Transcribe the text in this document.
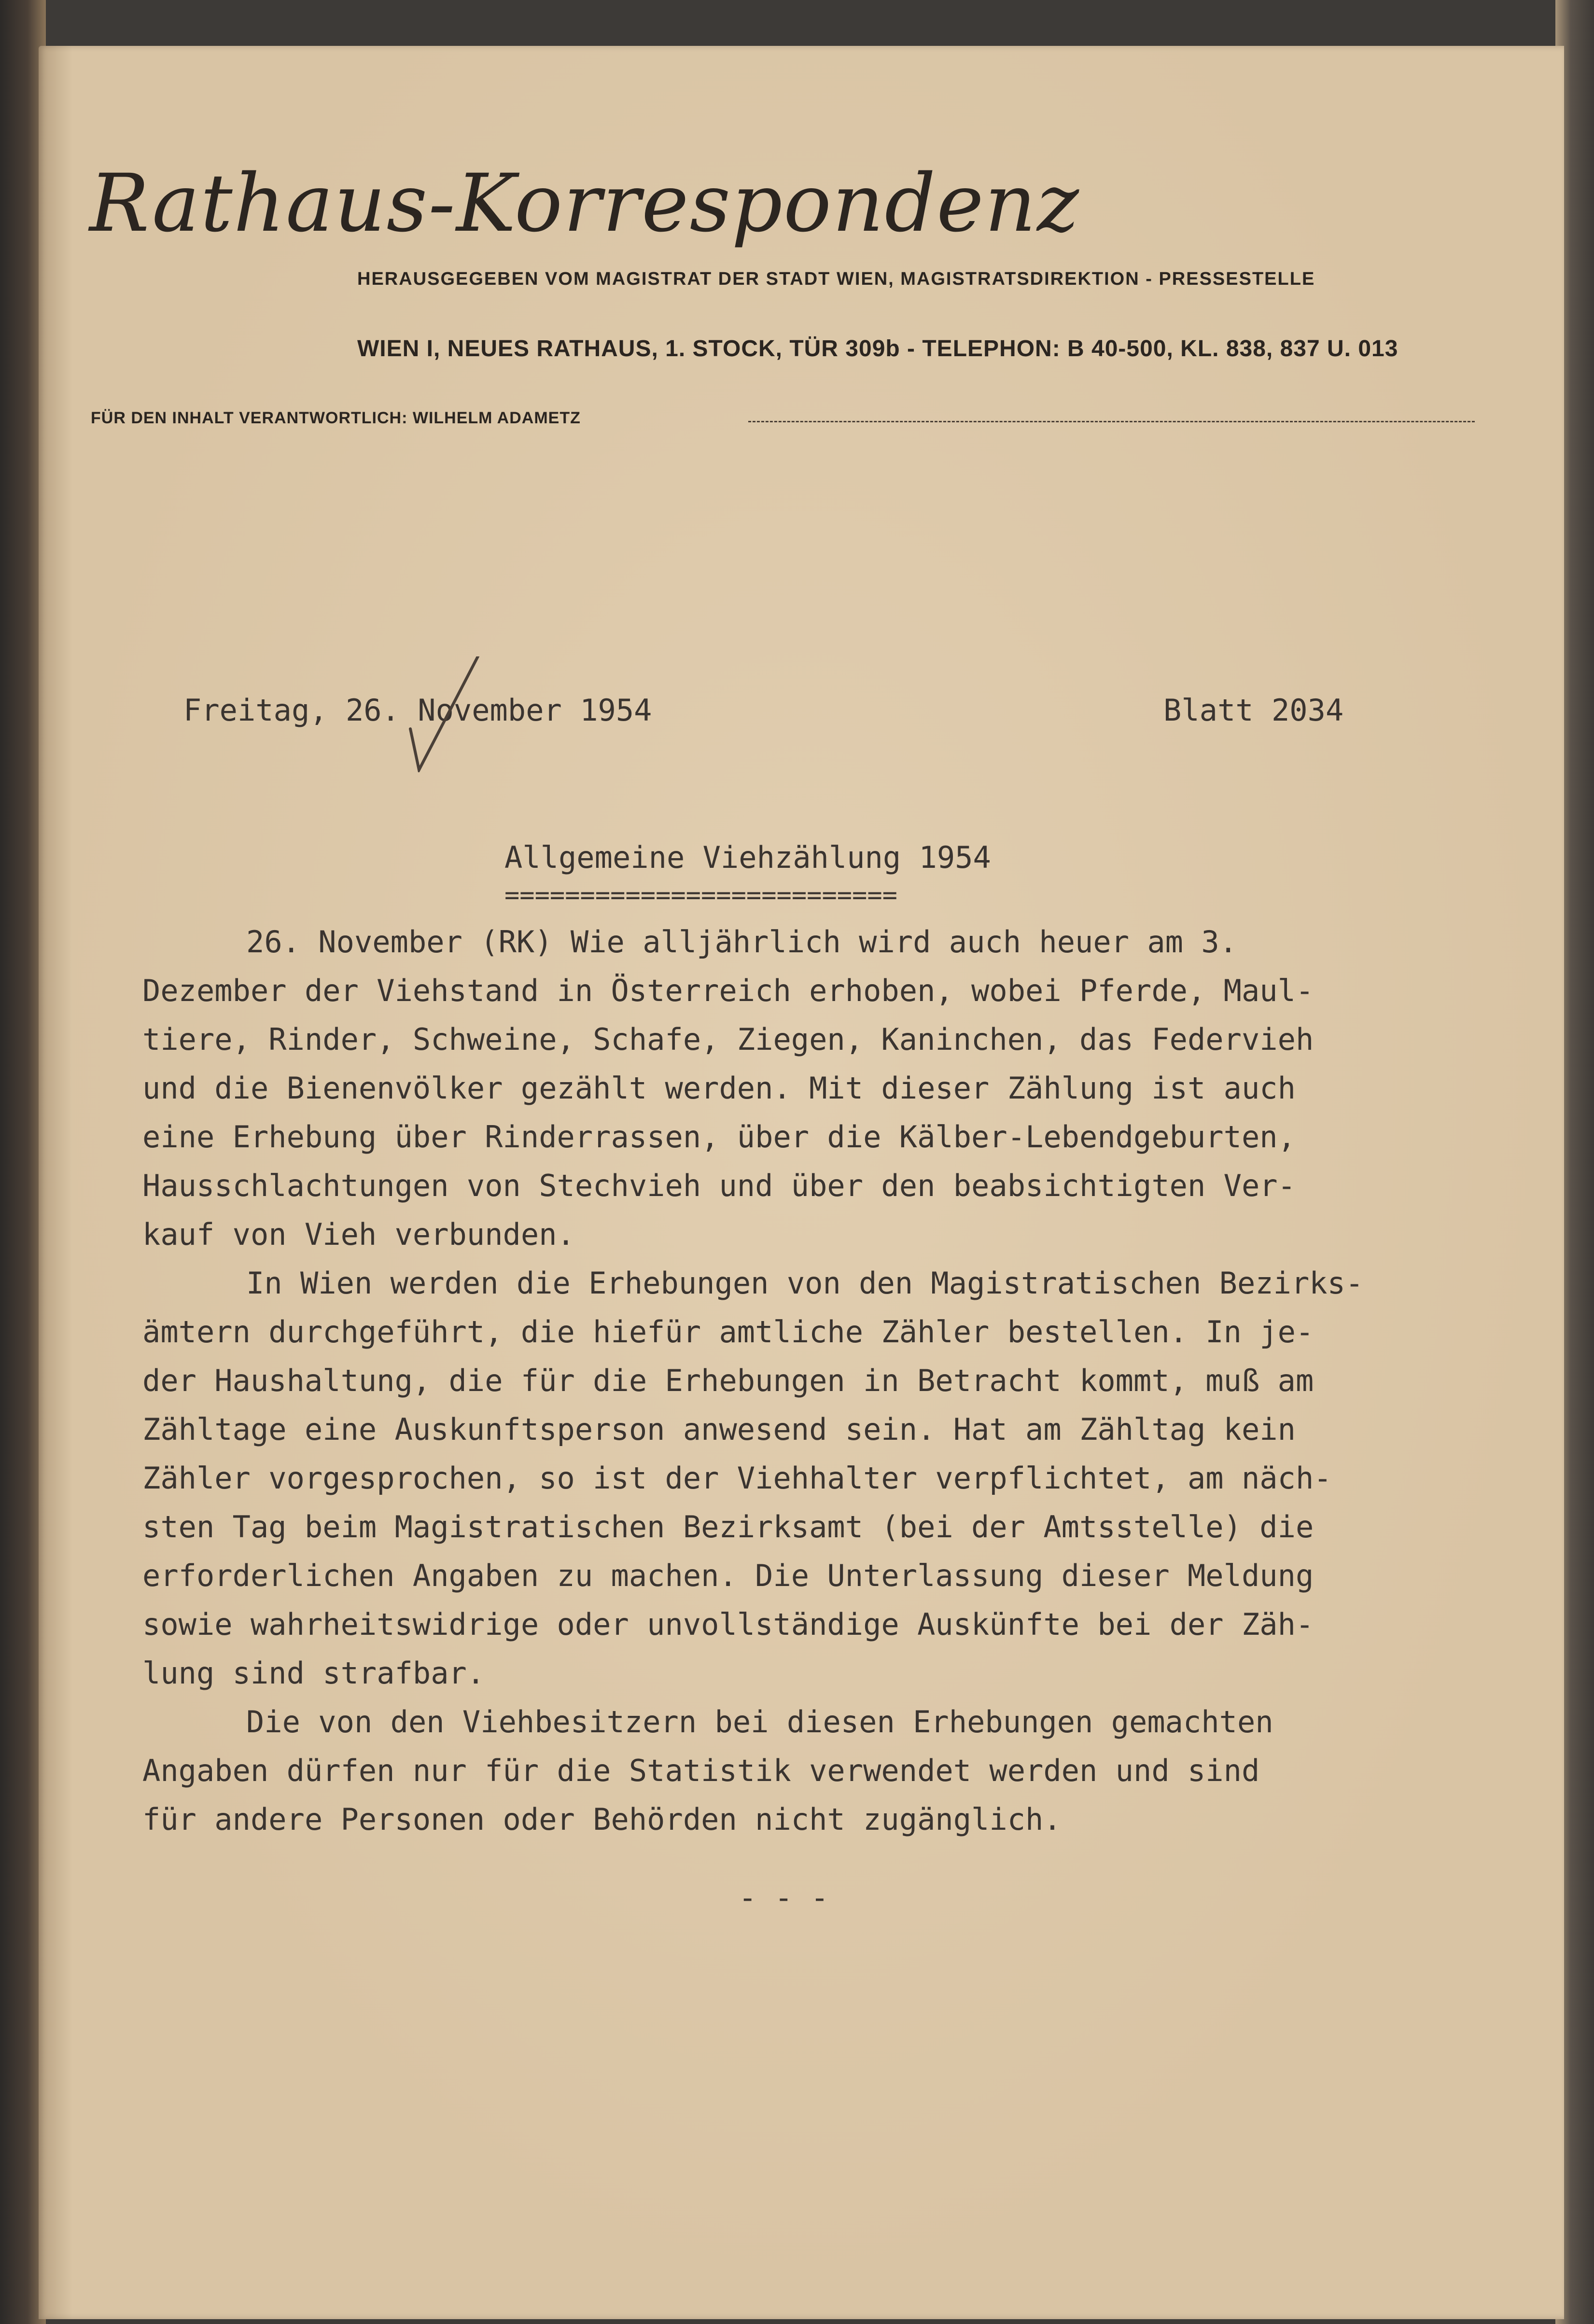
Rathaus-Korrespondenz
HERAUSGEGEBEN VOM MAGISTRAT DER STADT WIEN, MAGISTRATSDIREKTION - PRESSESTELLE
WIEN I, NEUES RATHAUS, 1. STOCK, TÜR 309b - TELEPHON: B 40-500, KL. 838, 837 U. 013
FÜR DEN INHALT VERANTWORTLICH: WILHELM ADAMETZ
Freitag, 26. November 1954	Blatt 2034
Allgemeine Viehzählung 1954
==========================
26. November (RK) Wie alljährlich wird auch heuer am 3.
Dezember der Viehstand in Österreich erhoben, wobei Pferde, Maul-
tiere, Rinder, Schweine, Schafe, Ziegen, Kaninchen, das Federvieh
und die Bienenvölker gezählt werden. Mit dieser Zählung ist auch
eine Erhebung über Rinderrassen, über die Kälber-Lebendgeburten,
Hausschlachtungen von Stechvieh und über den beabsichtigten Ver-
kauf von Vieh verbunden.
In Wien werden die Erhebungen von den Magistratischen Bezirks-
ämtern durchgeführt, die hiefür amtliche Zähler bestellen. In je-
der Haushaltung, die für die Erhebungen in Betracht kommt, muß am
Zähltage eine Auskunftsperson anwesend sein. Hat am Zähltag kein
Zähler vorgesprochen, so ist der Viehhalter verpflichtet, am näch-
sten Tag beim Magistratischen Bezirksamt (bei der Amtsstelle) die
erforderlichen Angaben zu machen. Die Unterlassung dieser Meldung
sowie wahrheitswidrige oder unvollständige Auskünfte bei der Zäh-
lung sind strafbar.
Die von den Viehbesitzern bei diesen Erhebungen gemachten
Angaben dürfen nur für die Statistik verwendet werden und sind
für andere Personen oder Behörden nicht zugänglich.
- - -
